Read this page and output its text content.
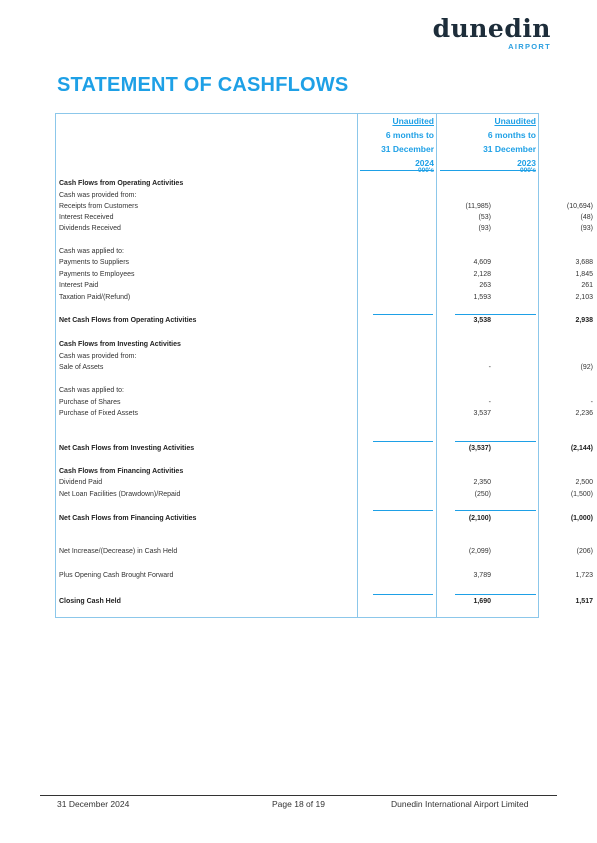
dunedin
AIRPORT
STATEMENT OF CASHFLOWS
Unaudited
6 months to
31 December
2024
Unaudited
6 months to
31 December
2023
000's	000's
Cash Flows from Operating Activities
Cash was provided from:
Receipts from Customers	(11,985)	(10,694)
Interest Received	(53)	(48)
Dividends Received	(93)	(93)
Cash was applied to:
Payments to Suppliers	4,609	3,688
Payments to Employees	2,128	1,845
Interest Paid	263	261
Taxation Paid/(Refund)	1,593	2,103
Net Cash Flows from Operating Activities	3,538	2,938
Cash Flows from Investing Activities
Cash was provided from:
Sale of Assets	-	(92)
Cash was applied to:
Purchase of Shares	-	-
Purchase of Fixed Assets	3,537	2,236
Net Cash Flows from Investing Activities	(3,537)	(2,144)
Cash Flows from Financing Activities
Dividend Paid	2,350	2,500
Net Loan Facilities (Drawdown)/Repaid	(250)	(1,500)
Net Cash Flows from Financing Activities	(2,100)	(1,000)
Net Increase/(Decrease) in Cash Held	(2,099)	(206)
Plus Opening Cash Brought Forward	3,789	1,723
Closing Cash Held	1,690	1,517
31 December 2024	Page 18 of 19	Dunedin International Airport Limited
